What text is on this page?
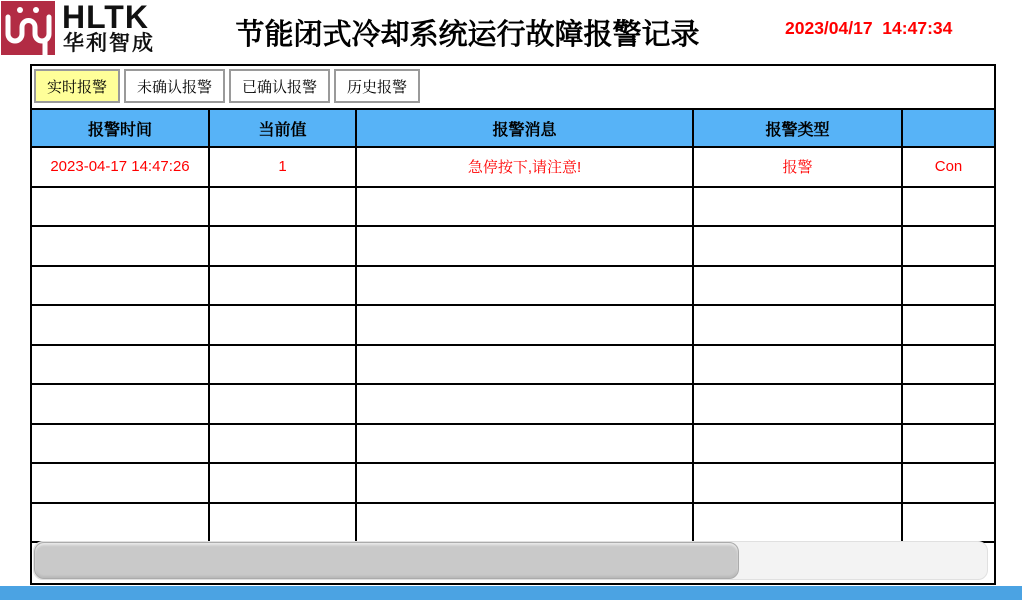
HLTK
华利智成	节能闭式冷却系统运行故障报警记录	2023/04/17  14:47:34
实时报警	未确认报警	已确认报警	历史报警
报警时间	当前值	报警消息	报警类型	
2023-04-17 14:47:26	1	急停按下,请注意!	报警	Con
